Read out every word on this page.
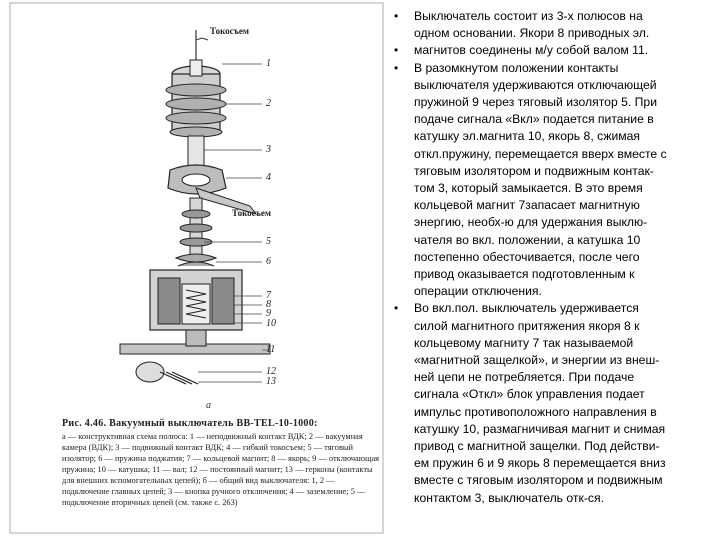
Токосъем
Токосъем
1
2
3
4
5
6
7
8
9
10
11
12
13
а
Рис. 4.46. Вакуумный выключатель ВВ-TEL-10-1000:
а — конструктивная схема полюса: 1 — неподвижный контакт ВДК; 2 — вакуумная камера (ВДК); 3 — подвижный контакт ВДК; 4 — гибкий токосъем; 5 — тяговый изолятор; 6 — пружина поджатия; 7 — кольцевой магнит; 8 — якорь; 9 — отключающая пружина; 10 — катушка; 11 — вал; 12 — постоянный магнит; 13 — герконы (контакты для внешних вспомогательных цепей); б — общий вид выключателя: 1, 2 — подключение главных цепей; 3 — кнопка ручного отключения; 4 — заземление; 5 — подключение вторичных цепей (см. также с. 263)
• Выключатель состоит из 3-х полюсов на
одном основании. Якори 8 приводных эл.
• магнитов соединены м/у собой валом 11.
• В разомкнутом положении контакты
выключателя удерживаются отключающей
пружиной 9 через тяговый изолятор 5. При
подаче сигнала «Вкл» подается питание в
катушку эл.магнита 10, якорь 8, сжимая
откл.пружину, перемещается вверх вместе с
тяговым изолятором и подвижным контак-
том 3, который замыкается. В это время
кольцевой магнит 7запасает магнитную
энергию, необх-ю для удержания выклю-
чателя во вкл. положении, а катушка 10
постепенно обесточивается, после чего
привод оказывается подготовленным к
операции отключения.
• Во вкл.пол. выключатель удерживается
силой магнитного притяжения якоря 8 к
кольцевому магниту 7 так называемой
«магнитной защелкой», и энергии из внеш-
ней цепи не потребляется. При подаче
сигнала «Откл» блок управления подает
импульс противоположного направления в
катушку 10, размагничивая магнит и снимая
привод с магнитной защелки. Под действи-
ем пружин 6 и 9 якорь 8 перемещается вниз
вместе с тяговым изолятором и подвижным
контактом 3, выключатель отк-ся.
